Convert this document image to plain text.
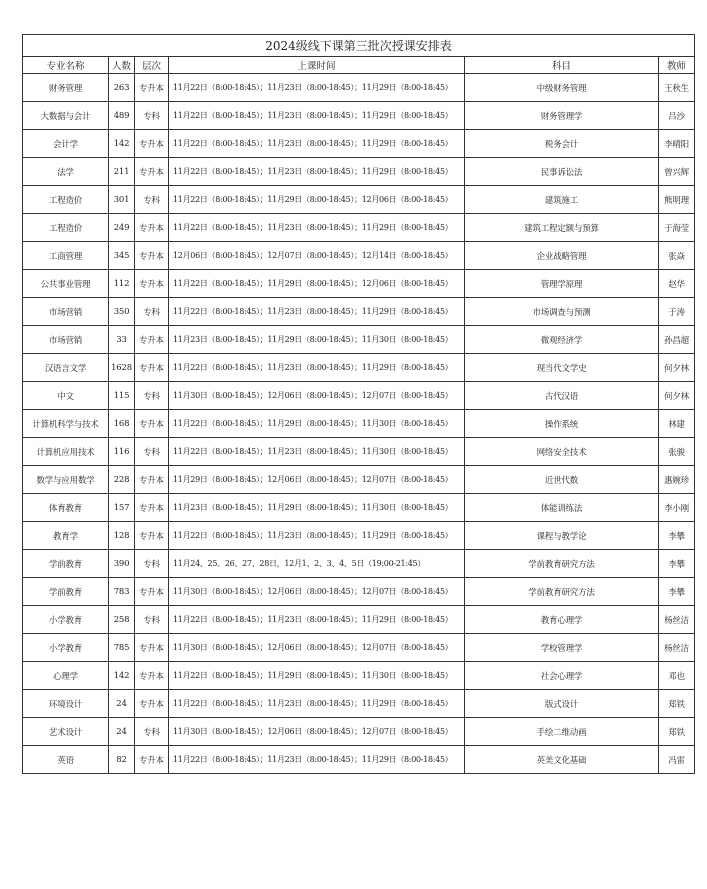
2024级线下课第三批次授课安排表					
专业名称	人数	层次	上课时间	科目	教师
财务管理	263	专升本	11月22日（8:00-18:45）；11月23日（8:00-18:45）；11月29日（8:00-18:45）	中级财务管理	王秋生
大数据与会计	489	专科	11月22日（8:00-18:45）；11月23日（8:00-18:45）；11月29日（8:00-18:45）	财务管理学	吕沙
会计学	142	专升本	11月22日（8:00-18:45）；11月23日（8:00-18:45）；11月29日（8:00-18:45）	税务会计	李晴阳
法学	211	专升本	11月22日（8:00-18:45）；11月23日（8:00-18:45）；11月29日（8:00-18:45）	民事诉讼法	曾兴辉
工程造价	301	专科	11月22日（8:00-18:45）；11月29日（8:00-18:45）；12月06日（8:00-18:45）	建筑施工	熊明理
工程造价	249	专升本	11月22日（8:00-18:45）；11月23日（8:00-18:45）；11月29日（8:00-18:45）	建筑工程定额与预算	于海莹
工商管理	345	专升本	12月06日（8:00-18:45）；12月07日（8:00-18:45）；12月14日（8:00-18:45）	企业战略管理	张焱
公共事业管理	112	专升本	11月22日（8:00-18:45）；11月29日（8:00-18:45）；12月06日（8:00-18:45）	管理学原理	赵华
市场营销	350	专科	11月22日（8:00-18:45）；11月23日（8:00-18:45）；11月29日（8:00-18:45）	市场调查与预测	于涛
市场营销	33	专升本	11月23日（8:00-18:45）；11月29日（8:00-18:45）；11月30日（8:00-18:45）	微观经济学	孙昌超
汉语言文学	1628	专升本	11月22日（8:00-18:45）；11月23日（8:00-18:45）；11月29日（8:00-18:45）	现当代文学史	何夕林
中文	115	专科	11月30日（8:00-18:45）；12月06日（8:00-18:45）；12月07日（8:00-18:45）	古代汉语	何夕林
计算机科学与技术	168	专升本	11月22日（8:00-18:45）；11月29日（8:00-18:45）；11月30日（8:00-18:45）	操作系统	林建
计算机应用技术	116	专科	11月22日（8:00-18:45）；11月23日（8:00-18:45）；11月30日（8:00-18:45）	网络安全技术	张骏
数学与应用数学	228	专升本	11月29日（8:00-18:45）；12月06日（8:00-18:45）；12月07日（8:00-18:45）	近世代数	惠婉珍
体育教育	157	专升本	11月23日（8:00-18:45）；11月29日（8:00-18:45）；11月30日（8:00-18:45）	体能训练法	李小刚
教育学	128	专升本	11月22日（8:00-18:45）；11月23日（8:00-18:45）；11月29日（8:00-18:45）	课程与教学论	李攀
学前教育	390	专科	11月24、25、26、27、28日，12月1、2、3、4、5日（19:00-21:45）	学前教育研究方法	李攀
学前教育	783	专升本	11月30日（8:00-18:45）；12月06日（8:00-18:45）；12月07日（8:00-18:45）	学前教育研究方法	李攀
小学教育	258	专科	11月22日（8:00-18:45）；11月23日（8:00-18:45）；11月29日（8:00-18:45）	教育心理学	杨丝洁
小学教育	785	专升本	11月30日（8:00-18:45）；12月06日（8:00-18:45）；12月07日（8:00-18:45）	学校管理学	杨丝洁
心理学	142	专升本	11月22日（8:00-18:45）；11月29日（8:00-18:45）；11月30日（8:00-18:45）	社会心理学	邓也
环境设计	24	专升本	11月22日（8:00-18:45）；11月23日（8:00-18:45）；11月29日（8:00-18:45）	版式设计	郑铁
艺术设计	24	专科	11月30日（8:00-18:45）；12月06日（8:00-18:45）；12月07日（8:00-18:45）	手绘二维动画	郑铁
英语	82	专升本	11月22日（8:00-18:45）；11月23日（8:00-18:45）；11月29日（8:00-18:45）	英美文化基础	冯雷
